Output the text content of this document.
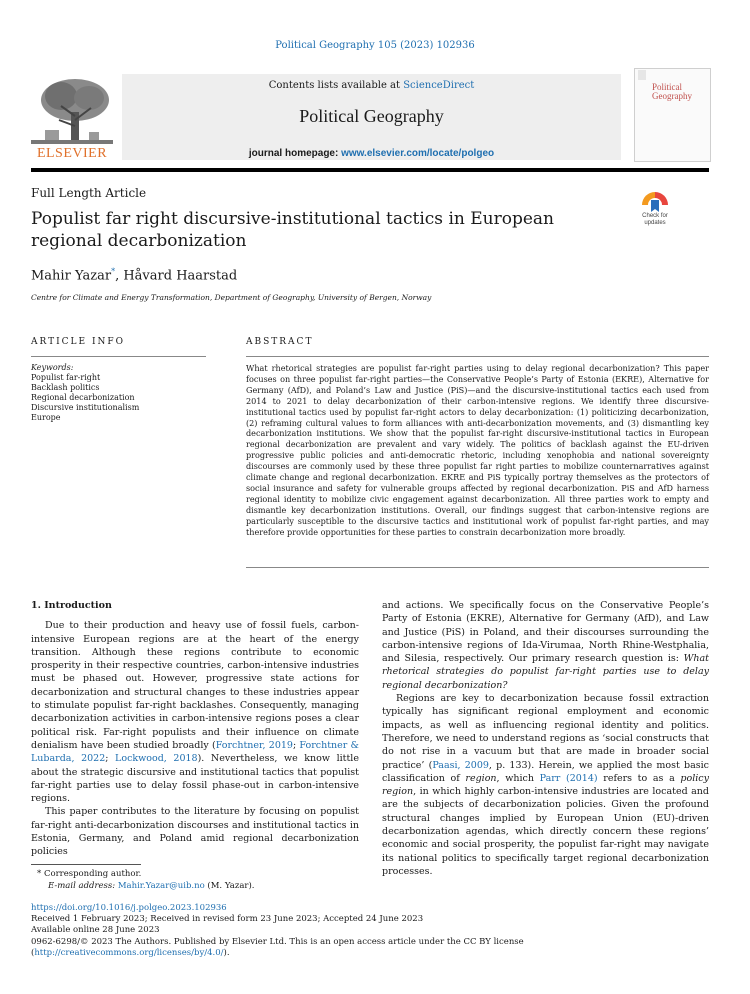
Political Geography 105 (2023) 102936
Contents lists available at ScienceDirect
Political Geography
journal homepage: www.elsevier.com/locate/polgeo
ELSEVIER
Political
Geography
Full Length Article
Populist far right discursive-institutional tactics in European regional decarbonization
Check for
updates
Mahir Yazar*, Håvard Haarstad
Centre for Climate and Energy Transformation, Department of Geography, University of Bergen, Norway
ARTICLE INFO
Keywords:
Populist far-right
Backlash politics
Regional decarbonization
Discursive institutionalism
Europe
ABSTRACT
What rhetorical strategies are populist far-right parties using to delay regional decarbonization? This paper focuses on three populist far-right parties—the Conservative People’s Party of Estonia (EKRE), Alternative for Germany (AfD), and Poland’s Law and Justice (PiS)—and the discursive-institutional tactics each used from 2014 to 2021 to delay decarbonization of their carbon-intensive regions. We identify three discursive-institutional tactics used by populist far-right actors to delay decarbonization: (1) politicizing decarbonization, (2) reframing cultural values to form alliances with anti-decarbonization movements, and (3) dismantling key decarbonization institutions. We show that the populist far-right discursive-institutional tactics in European regional decarbonization are prevalent and vary widely. The politics of backlash against the EU-driven progressive public policies and anti-democratic rhetoric, including xenophobia and national sovereignty discourses are commonly used by these three populist far right parties to mobilize counternarratives against climate change and regional decarbonization. EKRE and PiS typically portray themselves as the protectors of social insurance and safety for vulnerable groups affected by regional decarbonization. PiS and AfD harness regional identity to mobilize civic engagement against decarbonization. All three parties work to empty and dismantle key decarbonization institutions. Overall, our findings suggest that carbon-intensive regions are particularly susceptible to the discursive tactics and institutional work of populist far-right parties, and may therefore provide opportunities for these parties to constrain decarbonization more broadly.
1. Introduction

Due to their production and heavy use of fossil fuels, carbon-intensive European regions are at the heart of the energy transition. Although these regions contribute to economic prosperity in their respective countries, carbon-intensive industries must be phased out. However, progressive state actions for decarbonization and structural changes to these industries appear to stimulate populist far-right backlashes. Consequently, managing decarbonization activities in carbon-intensive regions poses a clear political risk. Far-right populists and their influence on climate denialism have been studied broadly (Forchtner, 2019; Forchtner & Lubarda, 2022; Lockwood, 2018). Nevertheless, we know little about the strategic discursive and institutional tactics that populist far-right parties use to delay fossil phase-out in carbon-intensive regions.

This paper contributes to the literature by focusing on populist far-right anti-decarbonization discourses and institutional tactics in Estonia, Germany, and Poland amid regional decarbonization policies

and actions. We specifically focus on the Conservative People’s Party of Estonia (EKRE), Alternative for Germany (AfD), and Law and Justice (PiS) in Poland, and their discourses surrounding the carbon-intensive regions of Ida-Virumaa, North Rhine-Westphalia, and Silesia, respectively. Our primary research question is: What rhetorical strategies do populist far-right parties use to delay regional decarbonization?

Regions are key to decarbonization because fossil extraction typically has significant regional employment and economic impacts, as well as influencing regional identity and politics. Therefore, we need to understand regions as ‘social constructs that do not rise in a vacuum but that are made in broader social practice’ (Paasi, 2009, p. 133). Herein, we applied the most basic classification of region, which Parr (2014) refers to as a policy region, in which highly carbon-intensive industries are located and are the subjects of decarbonization policies. Given the profound structural changes implied by European Union (EU)-driven decarbonization agendas, which directly concern these regions’ economic and social prosperity, the populist far-right may navigate its national politics to specifically target regional decarbonization processes.

* Corresponding author.
E-mail address: Mahir.Yazar@uib.no (M. Yazar).
https://doi.org/10.1016/j.polgeo.2023.102936
Received 1 February 2023; Received in revised form 23 June 2023; Accepted 24 June 2023
Available online 28 June 2023
0962-6298/© 2023 The Authors. Published by Elsevier Ltd. This is an open access article under the CC BY license (http://creativecommons.org/licenses/by/4.0/).
